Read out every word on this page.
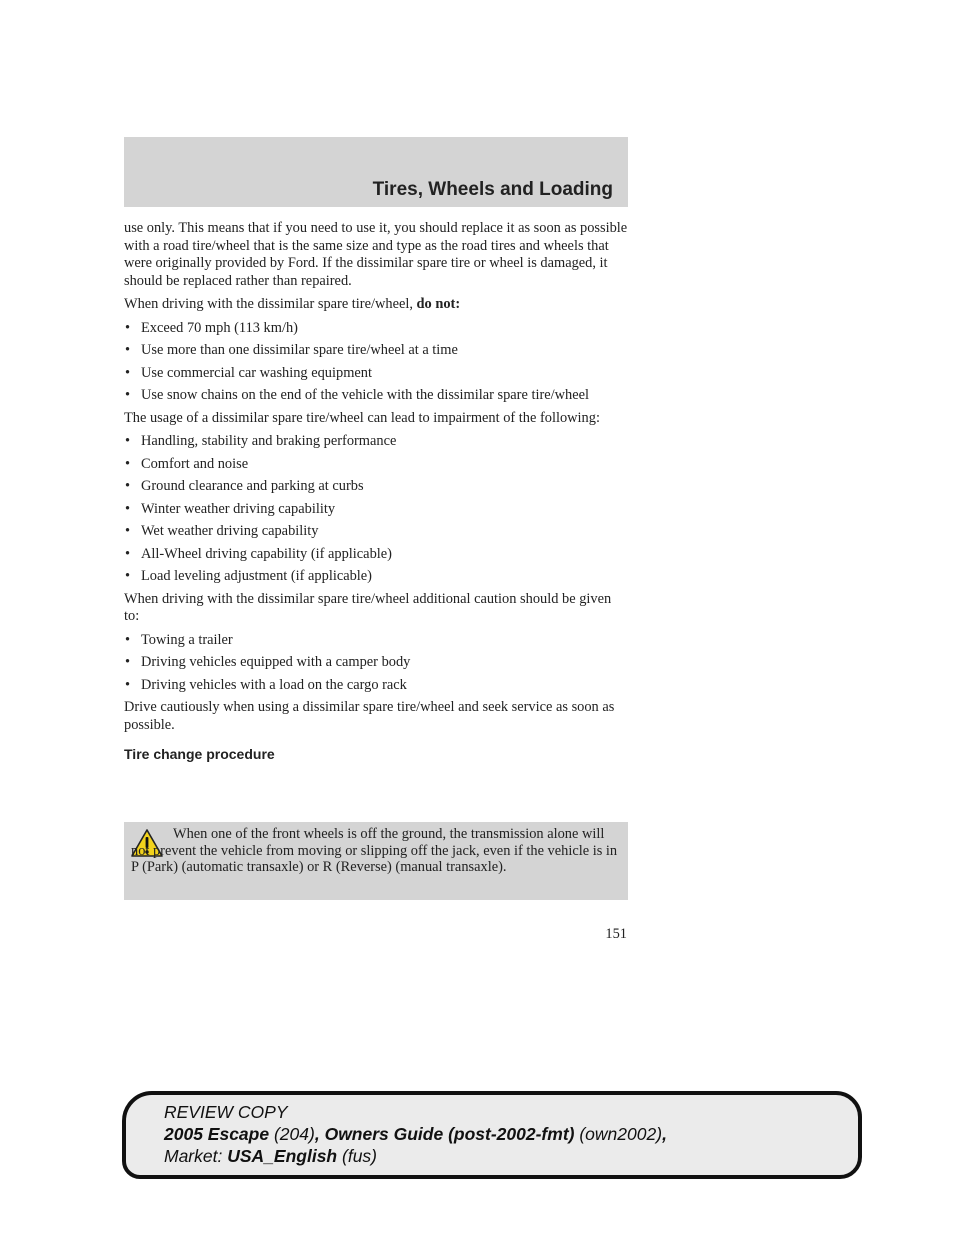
Tires, Wheels and Loading

use only. This means that if you need to use it, you should replace it as soon as possible with a road tire/wheel that is the same size and type as the road tires and wheels that were originally provided by Ford. If the dissimilar spare tire or wheel is damaged, it should be replaced rather than repaired.

When driving with the dissimilar spare tire/wheel, do not:

• Exceed 70 mph (113 km/h)
• Use more than one dissimilar spare tire/wheel at a time
• Use commercial car washing equipment
• Use snow chains on the end of the vehicle with the dissimilar spare tire/wheel

The usage of a dissimilar spare tire/wheel can lead to impairment of the following:

• Handling, stability and braking performance
• Comfort and noise
• Ground clearance and parking at curbs
• Winter weather driving capability
• Wet weather driving capability
• All-Wheel driving capability (if applicable)
• Load leveling adjustment (if applicable)

When driving with the dissimilar spare tire/wheel additional caution should be given to:

• Towing a trailer
• Driving vehicles equipped with a camper body
• Driving vehicles with a load on the cargo rack

Drive cautiously when using a dissimilar spare tire/wheel and seek service as soon as possible.

Tire change procedure
When one of the front wheels is off the ground, the transmission alone will not prevent the vehicle from moving or slipping off the jack, even if the vehicle is in P (Park) (automatic transaxle) or R (Reverse) (manual transaxle).
151
REVIEW COPY
2005 Escape (204), Owners Guide (post-2002-fmt) (own2002),
Market: USA_English (fus)
